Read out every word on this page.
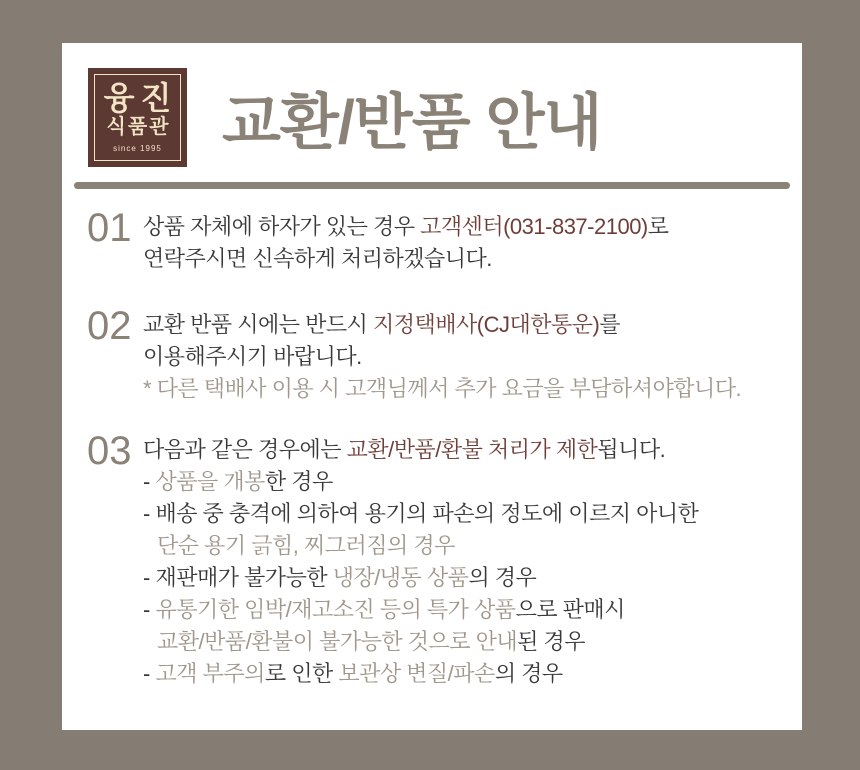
융진
식품관
since 1995 교환/반품 안내
01 상품 자체에 하자가 있는 경우 고객센터(031-837-2100)로
연락주시면 신속하게 처리하겠습니다.
02 교환 반품 시에는 반드시 지정택배사(CJ대한통운)를
이용해주시기 바랍니다.
* 다른 택배사 이용 시 고객님께서 추가 요금을 부담하셔야합니다.
03 다음과 같은 경우에는 교환/반품/환불 처리가 제한됩니다.
- 상품을 개봉한 경우
- 배송 중 충격에 의하여 용기의 파손의 정도에 이르지 아니한
단순 용기 긁힘, 찌그러짐의 경우
- 재판매가 불가능한 냉장/냉동 상품의 경우
- 유통기한 임박/재고소진 등의 특가 상품으로 판매시
교환/반품/환불이 불가능한 것으로 안내된 경우
- 고객 부주의로 인한 보관상 변질/파손의 경우
